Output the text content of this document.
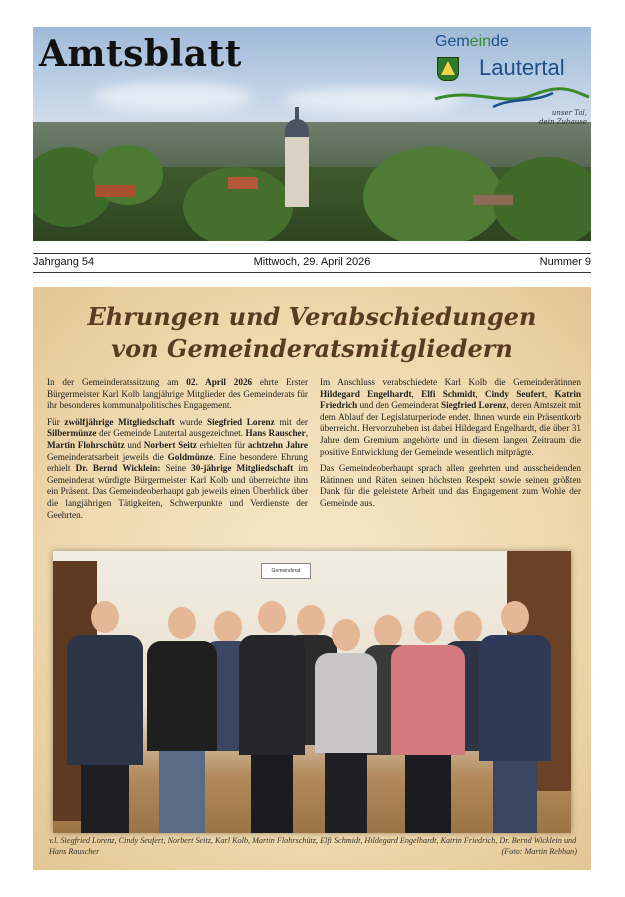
Amtsblatt	Gemeinde
Lautertal
unser Tal,
dein Zuhause
Mittwoch, 29. April 2026
Jahrgang 54	Nummer 9
Ehrungen und Verabschiedungen
von Gemeinderatsmitgliedern

In der Gemeinderatssitzung am 02. April 2026 ehrte Erster Bürgermeister Karl Kolb langjährige Mitglieder des Gemeinderats für ihr besonderes kommunalpolitisches Engagement.

Für zwölfjährige Mitgliedschaft wurde Siegfried Lorenz mit der Silbermünze der Gemeinde Lautertal ausgezeichnet. Hans Rauscher, Martin Flohrschütz und Norbert Seitz erhielten für achtzehn Jahre Gemeinderatsarbeit jeweils die Goldmünze. Eine besondere Ehrung erhielt Dr. Bernd Wicklein: Seine 30-jährige Mitgliedschaft im Gemeinderat würdigte Bürgermeister Karl Kolb und überreichte ihm ein Präsent. Das Gemeindeoberhaupt gab jeweils einen Überblick über die langjährigen Tätigkeiten, Schwerpunkte und Verdienste der Geehrten.

Im Anschluss verabschiedete Karl Kolb die Gemeinderätinnen Hildegard Engelhardt, Elfi Schmidt, Cindy Seufert, Katrin Friedrich und den Gemeinderat Siegfried Lorenz, deren Amtszeit mit dem Ablauf der Legislaturperiode endet. Ihnen wurde ein Präsentkorb überreicht. Hervorzuheben ist dabei Hildegard Engelhardt, die über 31 Jahre dem Gremium angehörte und in diesem langen Zeitraum die positive Entwicklung der Gemeinde wesentlich mitprägte.

Das Gemeindeoberhaupt sprach allen geehrten und ausscheidenden Rätinnen und Räten seinen höchsten Respekt sowie seinen größten Dank für die geleistete Arbeit und das Engagement zum Wohle der Gemeinde aus.

Gemeinderat
v.l. Siegfried Lorenz, Cindy Seufert, Norbert Seitz, Karl Kolb, Martin Flohrschütz, Elfi Schmidt, Hildegard Engelhardt, Katrin Friedrich, Dr. Bernd Wicklein und Hans Rauscher	(Foto: Martin Rebhan)
